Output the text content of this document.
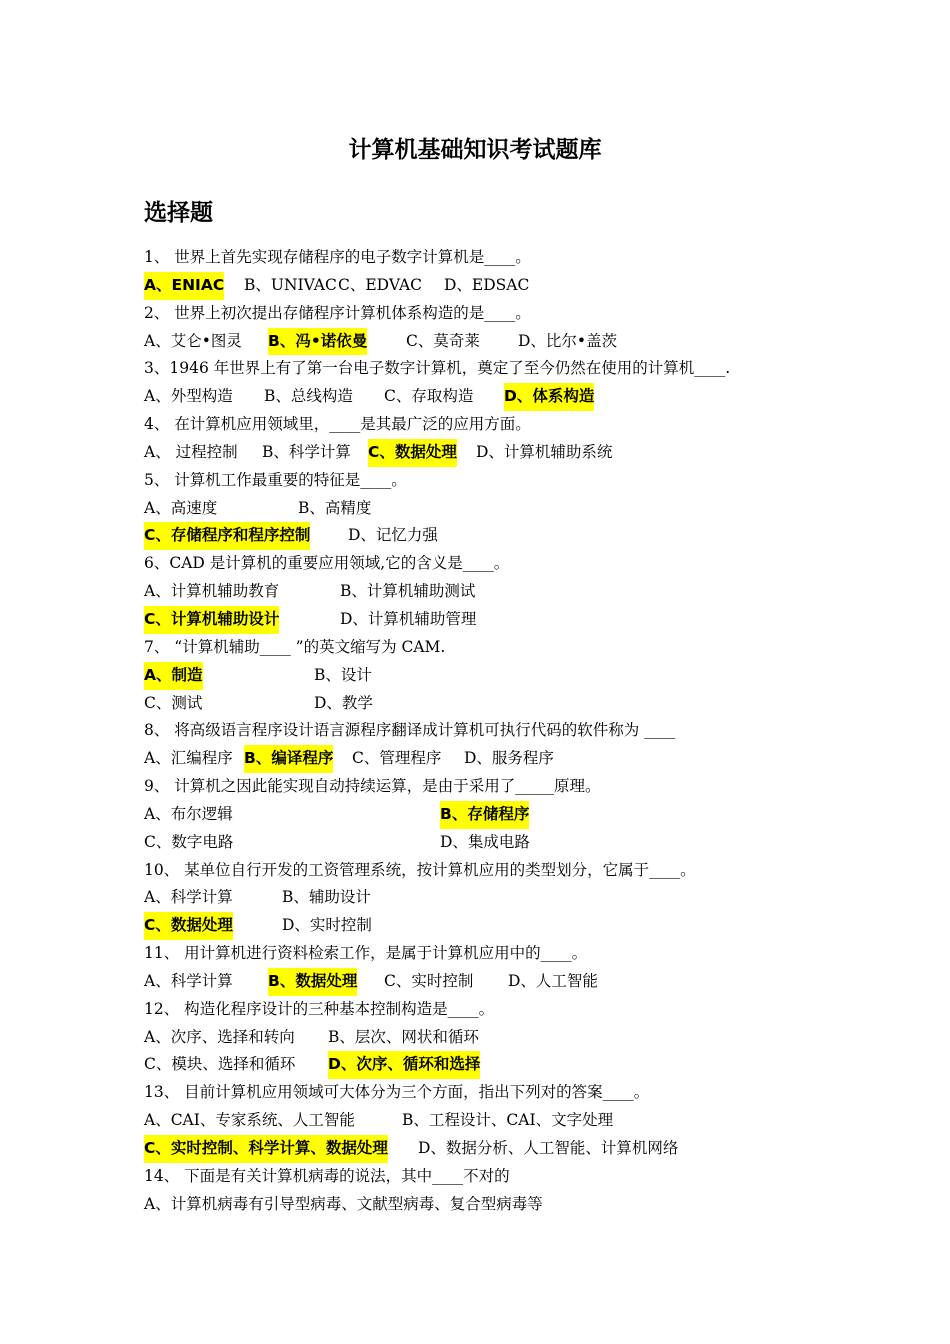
计算机基础知识考试题库
选择题
1、 世界上首先实现存储程序的电子数字计算机是____。
A、ENIAC B、UNIVAC C、EDVAC D、EDSAC
2、 世界上初次提出存储程序计算机体系构造的是____。
A、艾仑•图灵 B、冯•诺依曼	C、莫奇莱 D、比尔•盖茨
3、1946 年世界上有了第一台电子数字计算机，奠定了至今仍然在使用的计算机____.
A、外型构造 B、总线构造 C、存取构造 D、体系构造
4、 在计算机应用领域里，____是其最广泛的应用方面。
A、 过程控制 B、科学计算 C、数据处理 D、计算机辅助系统
5、 计算机工作最重要的特征是____。
A、高速度	B、高精度
C、存储程序和程序控制 D、记忆力强
6、CAD 是计算机的重要应用领域,它的含义是____。
A、计算机辅助教育	B、计算机辅助测试
C、计算机辅助设计	D、计算机辅助管理
7、 “计算机辅助____ ”的英文缩写为 CAM.
A、制造	B、设计
C、测试	D、教学
8、 将高级语言程序设计语言源程序翻译成计算机可执行代码的软件称为 ____
A、汇编程序 B、编译程序 C、管理程序 D、服务程序
9、 计算机之因此能实现自动持续运算，是由于采用了_____原理。
A、布尔逻辑	B、存储程序
C、数字电路	D、集成电路
10、 某单位自行开发的工资管理系统，按计算机应用的类型划分，它属于____。
A、科学计算	B、辅助设计
C、数据处理	D、实时控制
11、 用计算机进行资料检索工作，是属于计算机应用中的____。
A、科学计算 B、数据处理 C、实时控制 D、人工智能
12、 构造化程序设计的三种基本控制构造是____。
A、次序、选择和转向 B、层次、网状和循环
C、模块、选择和循环 D、次序、循环和选择
13、 目前计算机应用领域可大体分为三个方面，指出下列对的答案____。
A、CAI、专家系统、人工智能	B、工程设计、CAI、文字处理
C、实时控制、科学计算、数据处理 D、数据分析、人工智能、计算机网络
14、 下面是有关计算机病毒的说法，其中____不对的
A、计算机病毒有引导型病毒、文献型病毒、复合型病毒等
